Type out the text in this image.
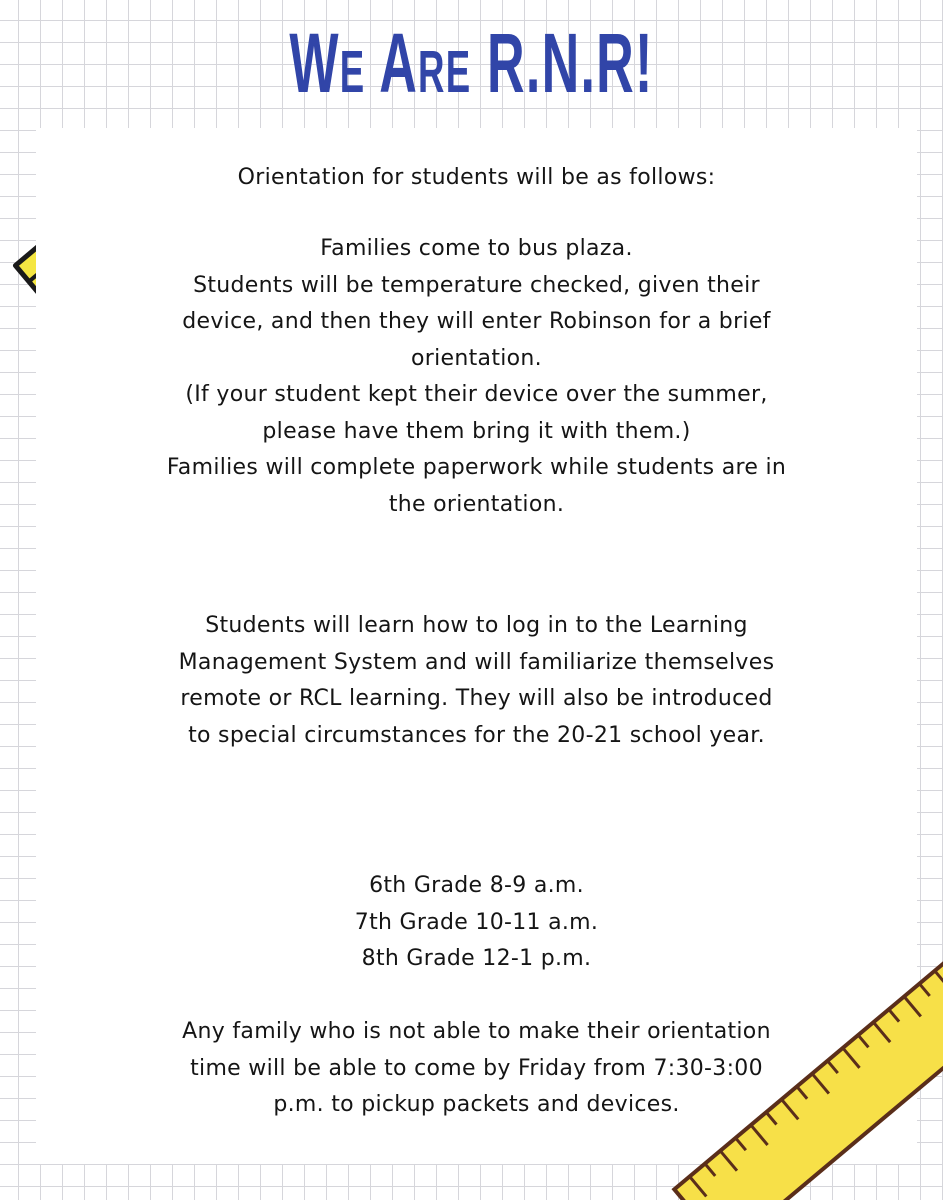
We Are R.N.R!

Orientation for students will be as follows:

Families come to bus plaza.

Students will be temperature checked, given their device, and then they will enter Robinson for a brief orientation.

(If your student kept their device over the summer, please have them bring it with them.)

Families will complete paperwork while students are in the orientation.

Students will learn how to log in to the Learning Management System and will familiarize themselves remote or RCL learning. They will also be introduced to special circumstances for the 20-21 school year.

6th Grade 8-9 a.m.

7th Grade 10-11 a.m.

8th Grade 12-1 p.m.

Any family who is not able to make their orientation time will be able to come by Friday from 7:30-3:00 p.m. to pickup packets and devices.
